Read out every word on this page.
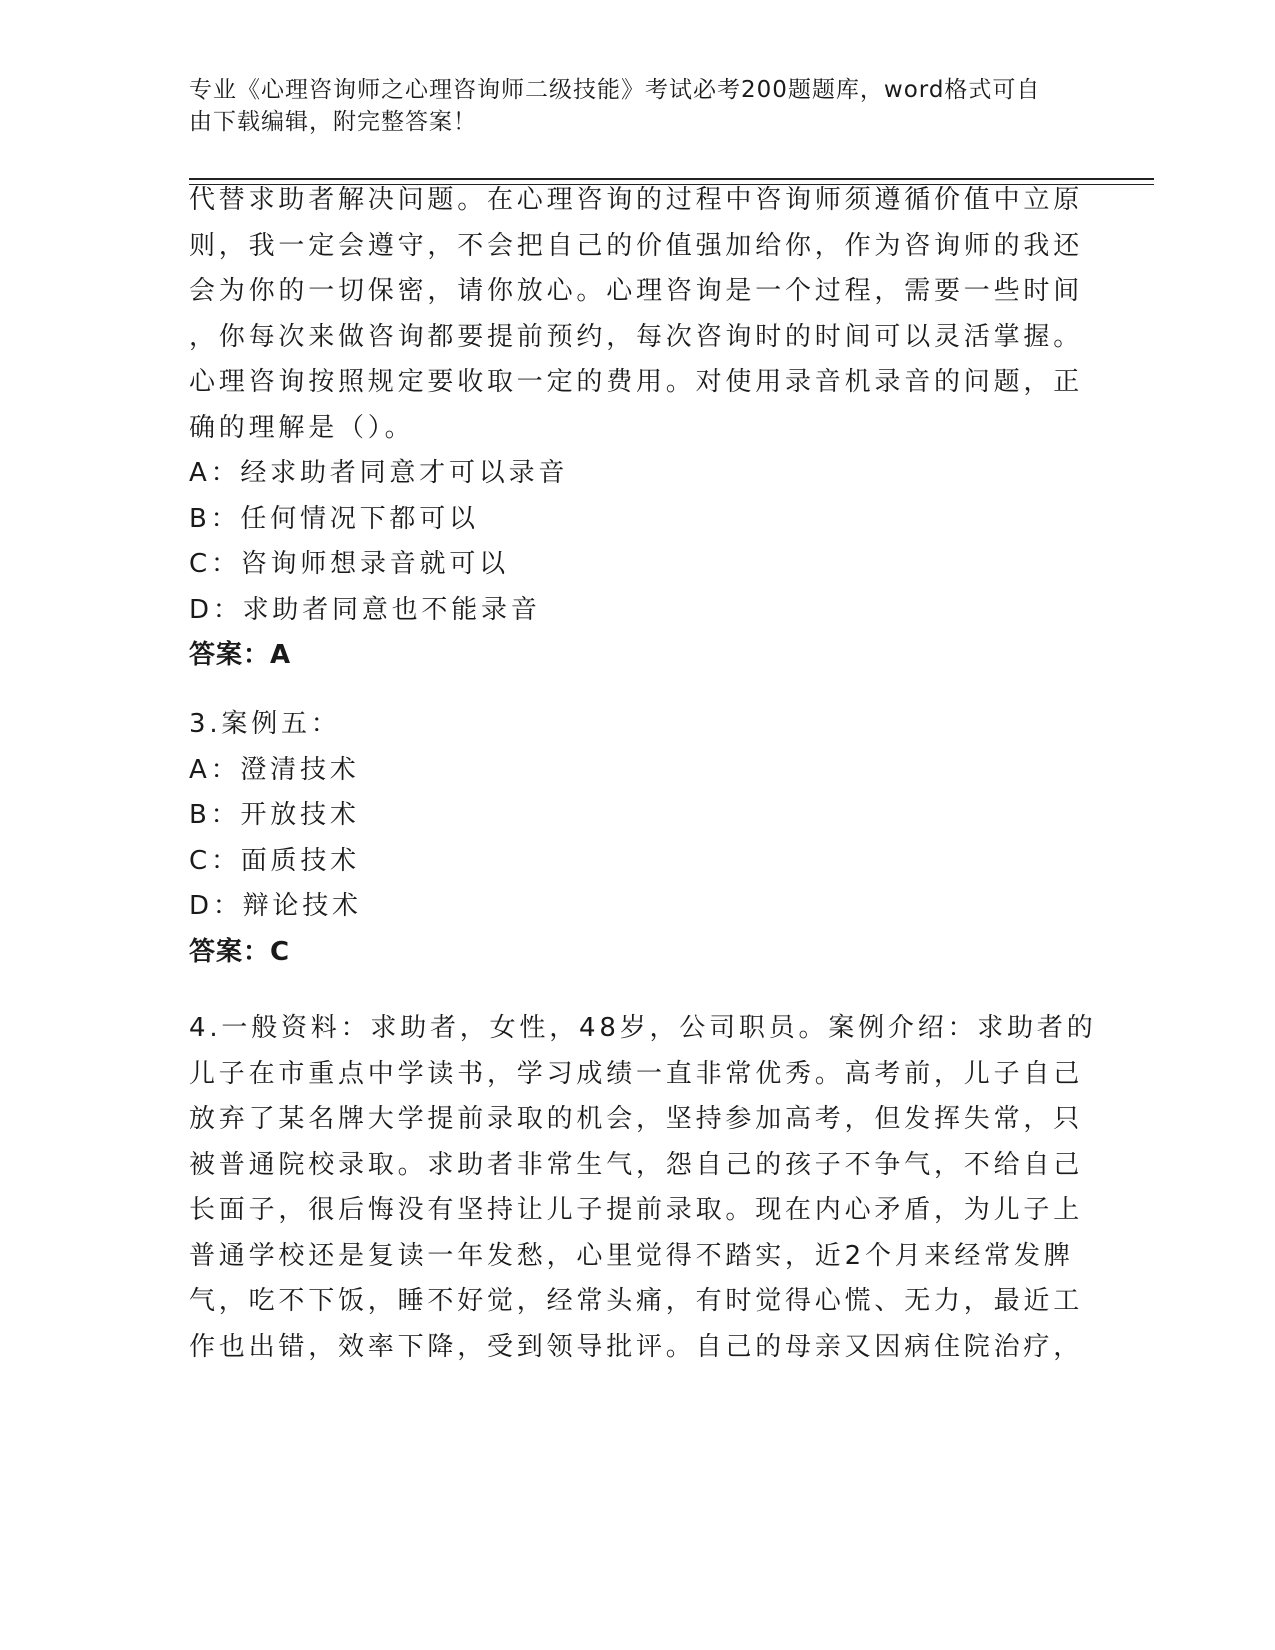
专业《心理咨询师之心理咨询师二级技能》考试必考200题题库，word格式可自
由下载编辑，附完整答案！
代替求助者解决问题。在心理咨询的过程中咨询师须遵循价值中立原
则，我一定会遵守，不会把自己的价值强加给你，作为咨询师的我还
会为你的一切保密，请你放心。心理咨询是一个过程，需要一些时间
，你每次来做咨询都要提前预约，每次咨询时的时间可以灵活掌握。
心理咨询按照规定要收取一定的费用。对使用录音机录音的问题，正
确的理解是（）。
A：经求助者同意才可以录音
B：任何情况下都可以
C：咨询师想录音就可以
D：求助者同意也不能录音
答案：A
3.案例五：
A：澄清技术
B：开放技术
C：面质技术
D：辩论技术
答案：C
4.一般资料：求助者，女性，48岁，公司职员。案例介绍：求助者的
儿子在市重点中学读书，学习成绩一直非常优秀。高考前，儿子自己
放弃了某名牌大学提前录取的机会，坚持参加高考，但发挥失常，只
被普通院校录取。求助者非常生气，怨自己的孩子不争气，不给自己
长面子，很后悔没有坚持让儿子提前录取。现在内心矛盾，为儿子上
普通学校还是复读一年发愁，心里觉得不踏实，近2个月来经常发脾
气，吃不下饭，睡不好觉，经常头痛，有时觉得心慌、无力，最近工
作也出错，效率下降，受到领导批评。自己的母亲又因病住院治疗，
